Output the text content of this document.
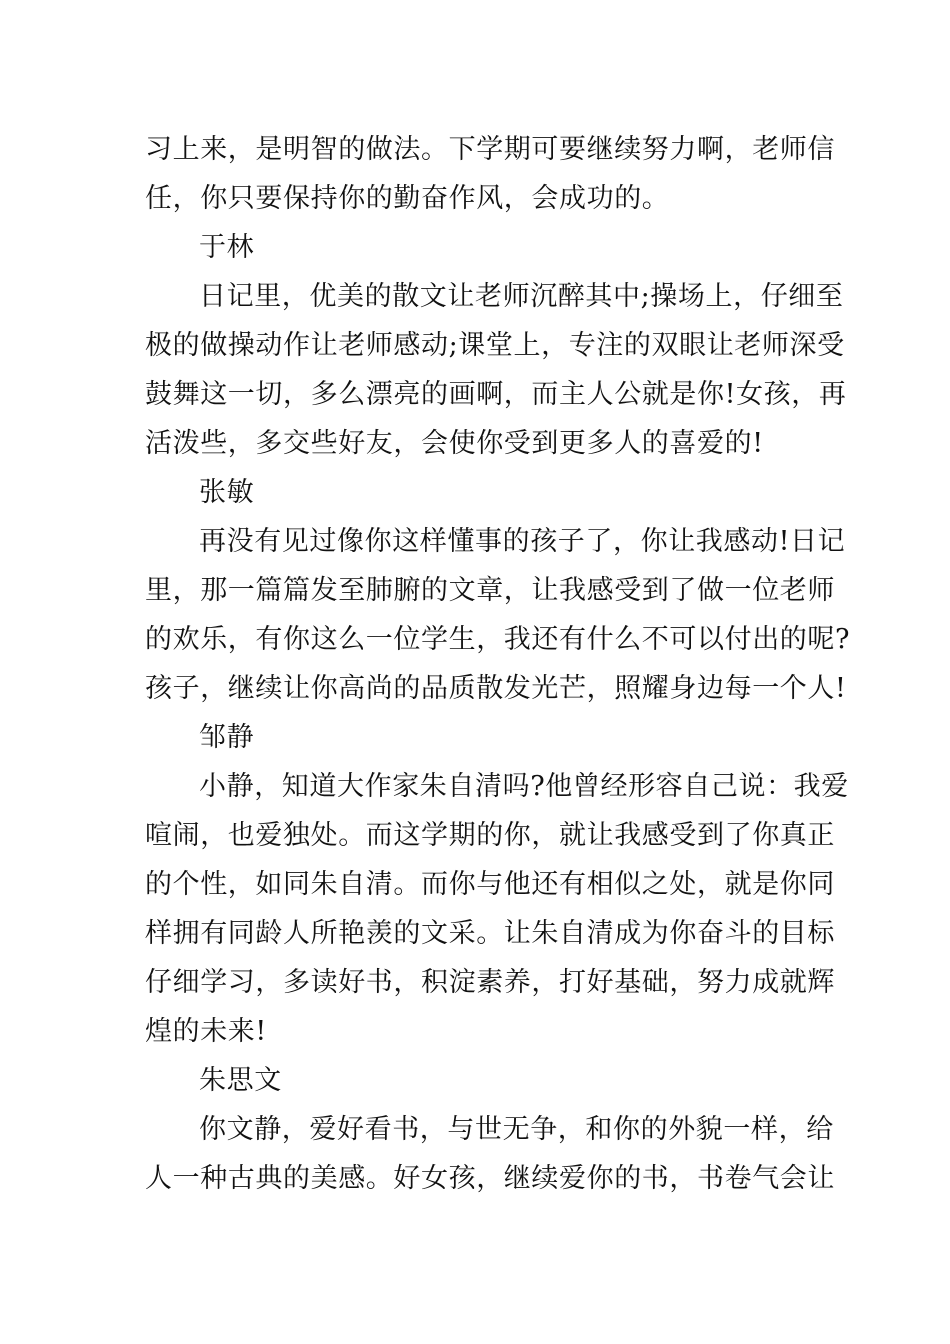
习上来，是明智的做法。下学期可要继续努力啊，老师信
任，你只要保持你的勤奋作风，会成功的。
于林
日记里，优美的散文让老师沉醉其中;操场上，仔细至
极的做操动作让老师感动;课堂上，专注的双眼让老师深受
鼓舞这一切，多么漂亮的画啊，而主人公就是你!女孩，再
活泼些，多交些好友，会使你受到更多人的喜爱的!
张敏
再没有见过像你这样懂事的孩子了，你让我感动!日记
里，那一篇篇发至肺腑的文章，让我感受到了做一位老师
的欢乐，有你这么一位学生，我还有什么不可以付出的呢?
孩子，继续让你高尚的品质散发光芒，照耀身边每一个人!
邹静
小静，知道大作家朱自清吗?他曾经形容自己说：我爱
喧闹，也爱独处。而这学期的你，就让我感受到了你真正
的个性，如同朱自清。而你与他还有相似之处，就是你同
样拥有同龄人所艳羡的文采。让朱自清成为你奋斗的目标
仔细学习，多读好书，积淀素养，打好基础，努力成就辉
煌的未来!
朱思文
你文静，爱好看书，与世无争，和你的外貌一样，给
人一种古典的美感。好女孩，继续爱你的书，书卷气会让
